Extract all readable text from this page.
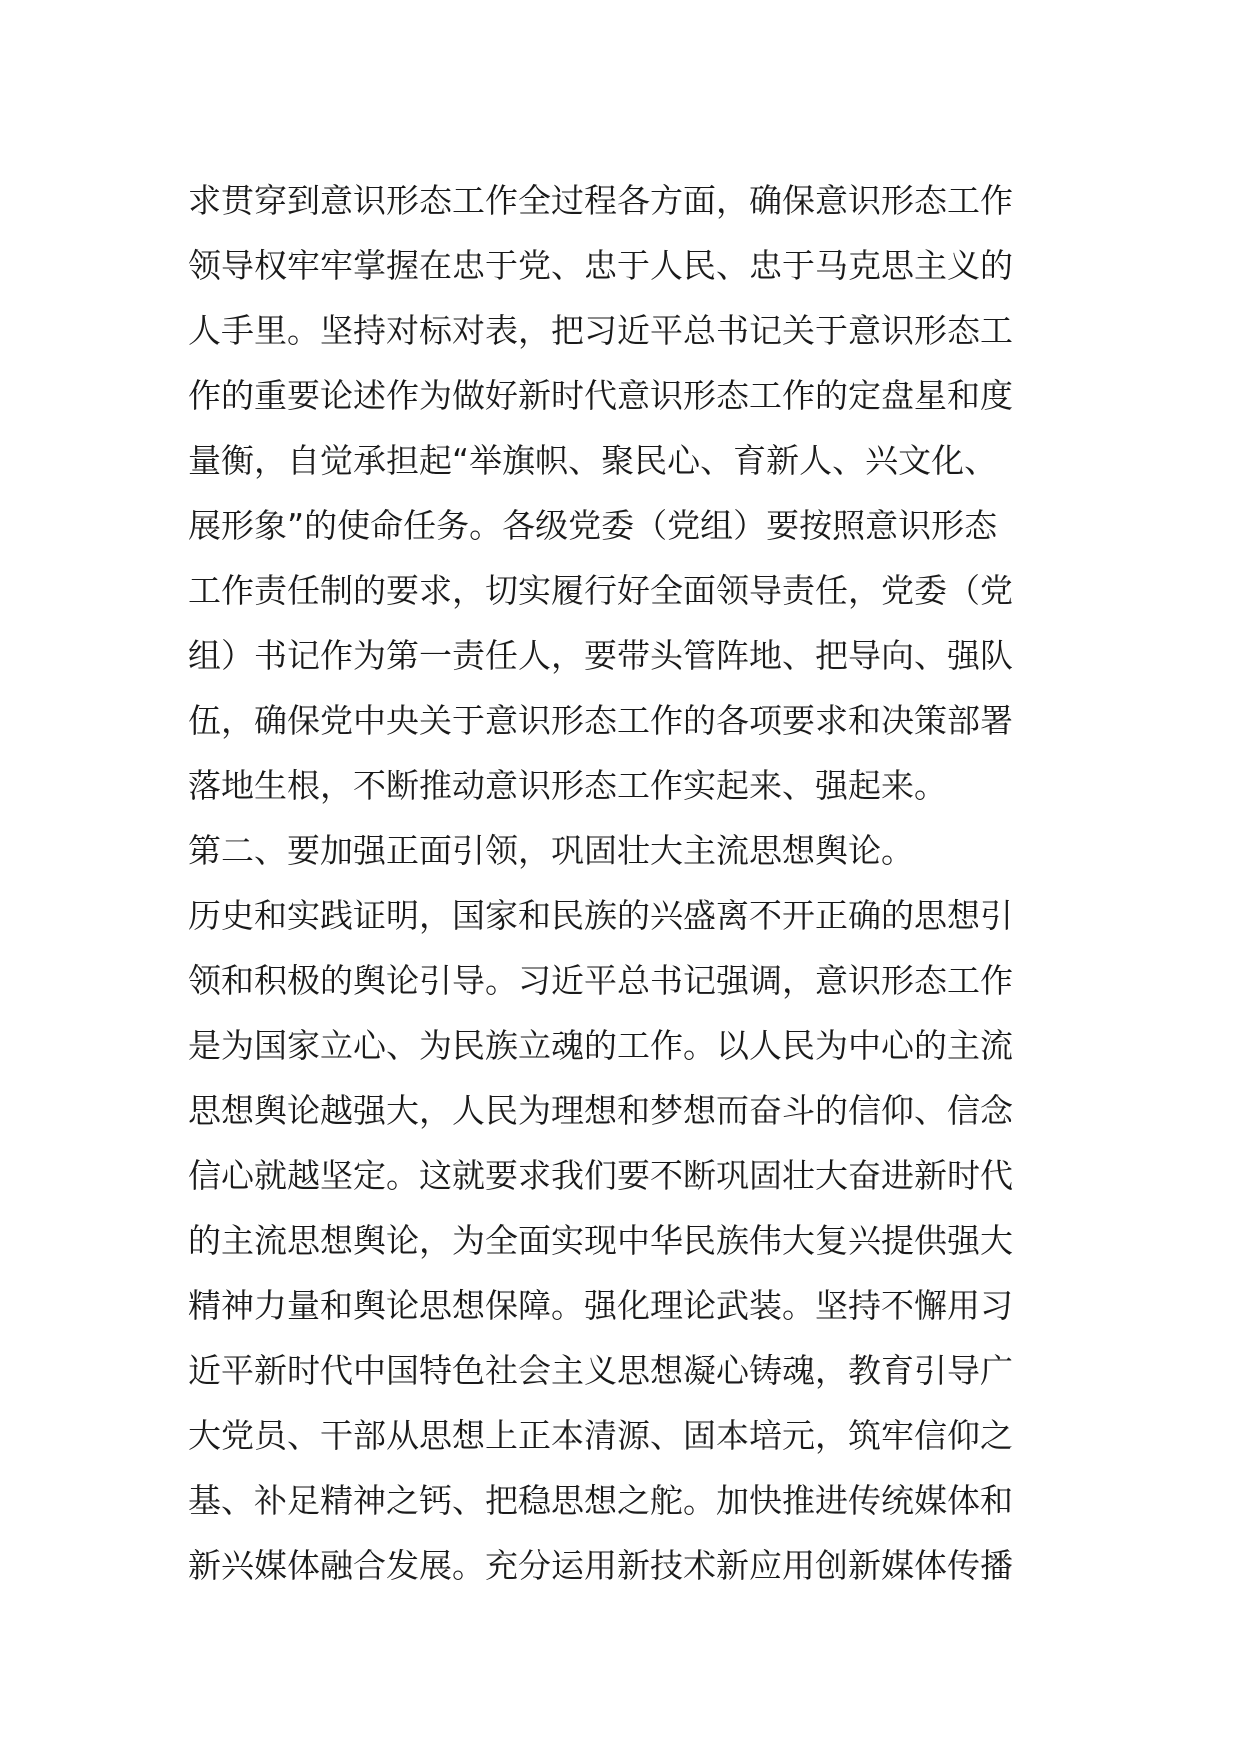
求贯穿到意识形态工作全过程各方面，确保意识形态工作
领导权牢牢掌握在忠于党、忠于人民、忠于马克思主义的
人手里。坚持对标对表，把习近平总书记关于意识形态工
作的重要论述作为做好新时代意识形态工作的定盘星和度
量衡，自觉承担起“举旗帜、聚民心、育新人、兴文化、
展形象”的使命任务。各级党委（党组）要按照意识形态
工作责任制的要求，切实履行好全面领导责任，党委（党
组）书记作为第一责任人，要带头管阵地、把导向、强队
伍，确保党中央关于意识形态工作的各项要求和决策部署
落地生根，不断推动意识形态工作实起来、强起来。
第二、要加强正面引领，巩固壮大主流思想舆论。
历史和实践证明，国家和民族的兴盛离不开正确的思想引
领和积极的舆论引导。习近平总书记强调，意识形态工作
是为国家立心、为民族立魂的工作。以人民为中心的主流
思想舆论越强大，人民为理想和梦想而奋斗的信仰、信念
信心就越坚定。这就要求我们要不断巩固壮大奋进新时代
的主流思想舆论，为全面实现中华民族伟大复兴提供强大
精神力量和舆论思想保障。强化理论武装。坚持不懈用习
近平新时代中国特色社会主义思想凝心铸魂，教育引导广
大党员、干部从思想上正本清源、固本培元，筑牢信仰之
基、补足精神之钙、把稳思想之舵。加快推进传统媒体和
新兴媒体融合发展。充分运用新技术新应用创新媒体传播
